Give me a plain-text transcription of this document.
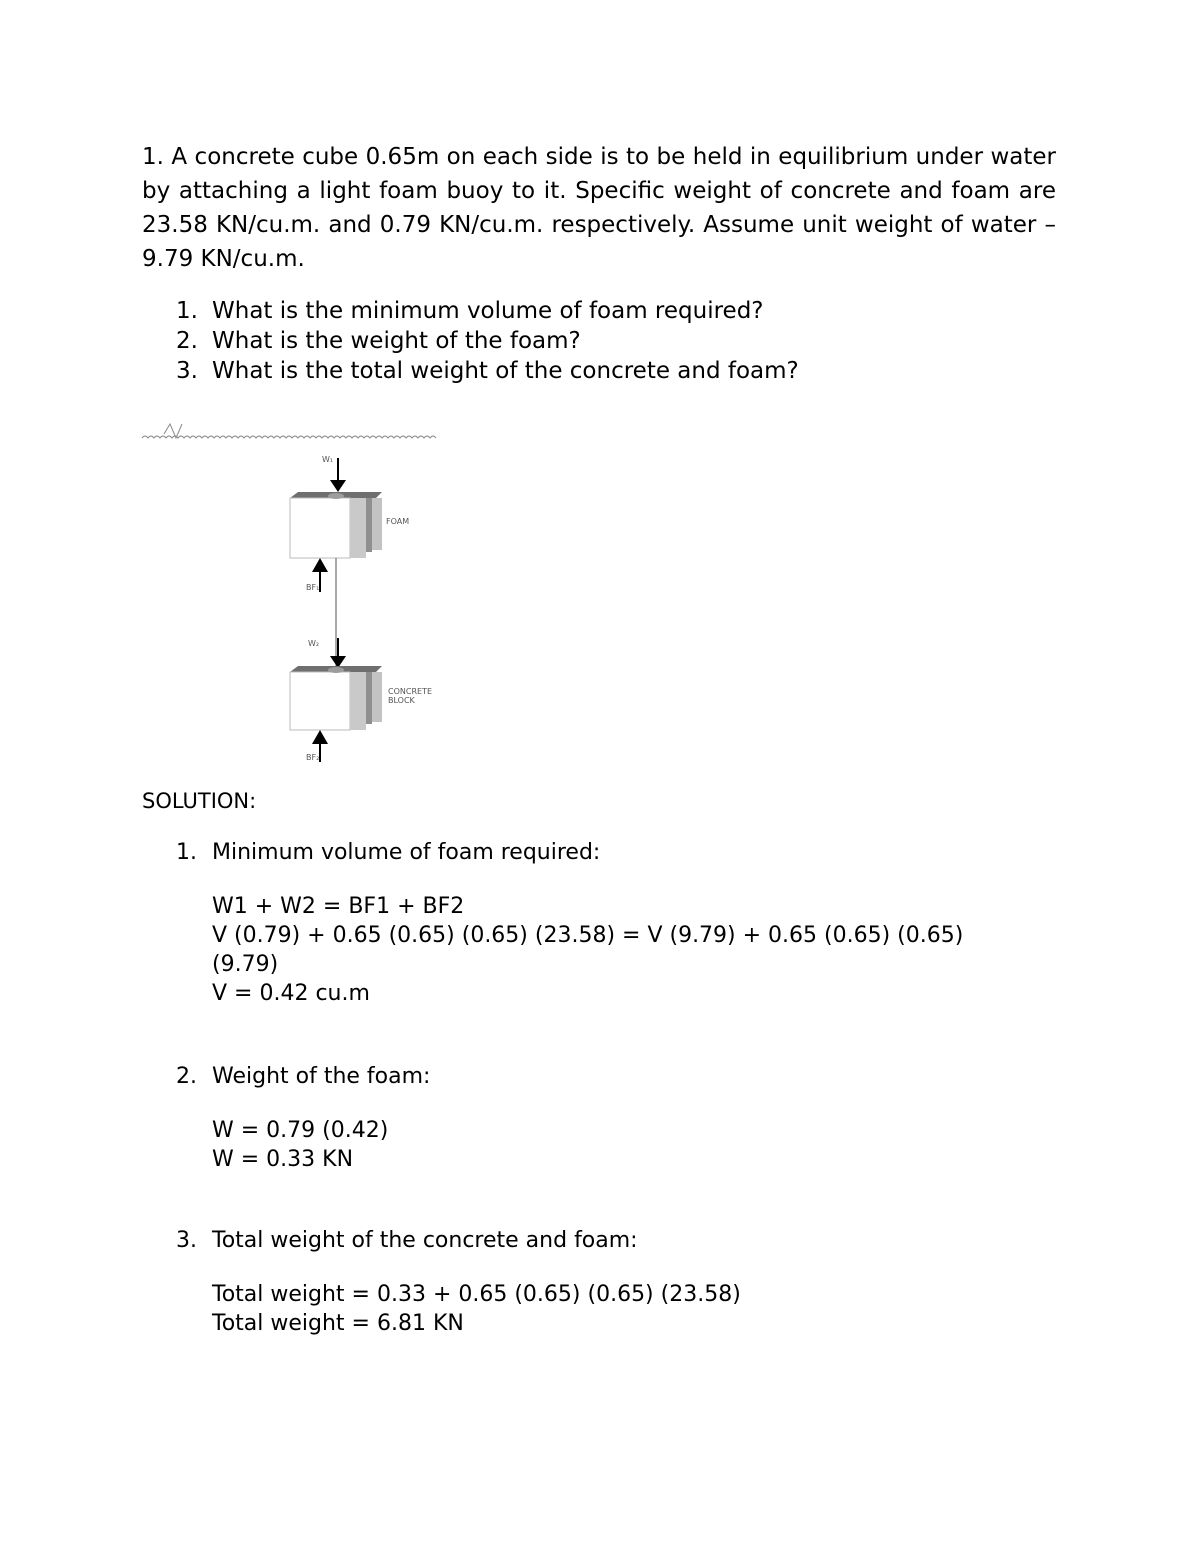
1. A concrete cube 0.65m on each side is to be held in equilibrium under water by attaching a light foam buoy to it. Specific weight of concrete and foam are 23.58 KN/cu.m. and 0.79 KN/cu.m. respectively. Assume unit weight of water – 9.79 KN/cu.m.

1. What is the minimum volume of foam required?
2. What is the weight of the foam?
3. What is the total weight of the concrete and foam?
W₁
FOAM
BF₁
W₂
CONCRETE
BLOCK
BF₂

SOLUTION:

1. Minimum volume of foam required:
W1 + W2 = BF1 + BF2
V (0.79) + 0.65 (0.65) (0.65) (23.58) = V (9.79) + 0.65 (0.65) (0.65) (9.79)
V = 0.42 cu.m
2. Weight of the foam:
W = 0.79 (0.42)
W = 0.33 KN
3. Total weight of the concrete and foam:
Total weight = 0.33 + 0.65 (0.65) (0.65) (23.58)
Total weight = 6.81 KN
